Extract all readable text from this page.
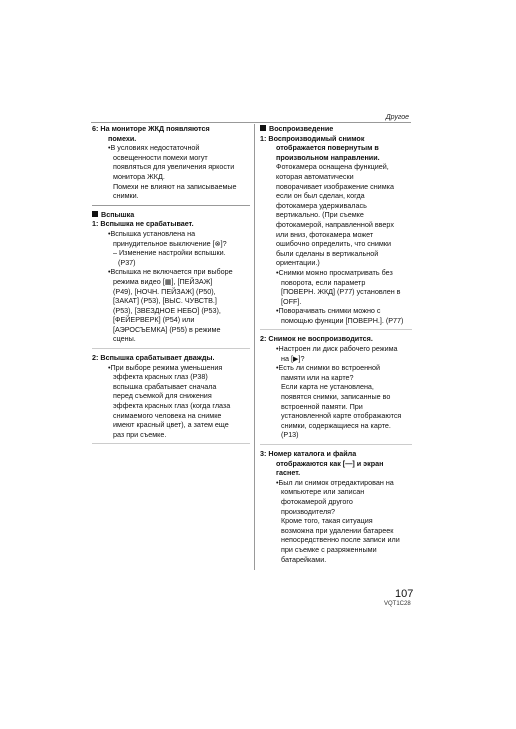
Другое

6: На мониторе ЖКД появляются

помехи.

•В условиях недостаточной

освещенности помехи могут

появляться для увеличения яркости

монитора ЖКД.

Помехи не влияют на записываемые

снимки.

Вспышка

1: Вспышка не срабатывает.

•Вспышка установлена на

принудительное выключение [⊗]?

– Изменение настройки вспышки.

(P37)

•Вспышка не включается при выборе

режима видео [▦], [ПЕЙЗАЖ]

(P49), [НОЧН. ПЕЙЗАЖ] (P50),

[ЗАКАТ] (P53), [ВЫС. ЧУВСТВ.]

(P53), [ЗВЕЗДНОЕ НЕБО] (P53),

[ФЕЙЕРВЕРК] (P54) или

[АЭРОСЪЕМКА] (P55) в режиме

сцены.

2: Вспышка срабатывает дважды.

•При выборе режима уменьшения

эффекта красных глаз (P38)

вспышка срабатывает сначала

перед съемкой для снижения

эффекта красных глаз (когда глаза

снимаемого человека на снимке

имеют красный цвет), а затем еще

раз при съемке.

Воспроизведение

1: Воспроизводимый снимок

отображается повернутым в

произвольном направлении.

Фотокамера оснащена функцией,

которая автоматически

поворачивает изображение снимка

если он был сделан, когда

фотокамера удерживалась

вертикально. (При съемке

фотокамерой, направленной вверх

или вниз, фотокамера может

ошибочно определить, что снимки

были сделаны в вертикальной

ориентации.)

•Снимки можно просматривать без

поворота, если параметр

[ПОВЕРН. ЖКД] (P77) установлен в

[OFF].

•Поворачивать снимки можно с

помощью функции [ПОВЕРН.]. (P77)

2: Снимок не воспроизводится.

•Настроен ли диск рабочего режима

на [▶]?

•Есть ли снимки во встроенной

памяти или на карте?

Если карта не установлена,

появятся снимки, записанные во

встроенной памяти. При

установленной карте отображаются

снимки, содержащиеся на карте.

(P13)

3: Номер каталога и файла

отображаются как [—] и экран

гаснет.

•Был ли снимок отредактирован на

компьютере или записан

фотокамерой другого

производителя?

Кроме того, такая ситуация

возможна при удалении батареек

непосредственно после записи или

при съемке с разряженными

батарейками.

107
VQT1C28
